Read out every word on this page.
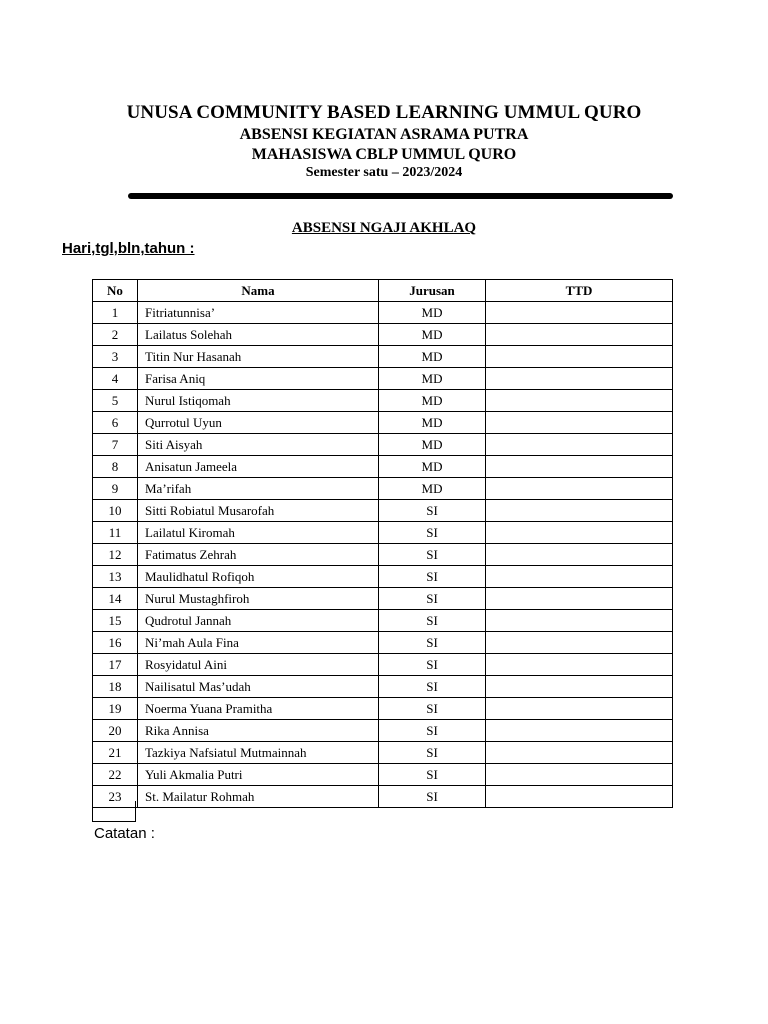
UNUSA COMMUNITY BASED LEARNING UMMUL QURO
ABSENSI KEGIATAN ASRAMA PUTRA
MAHASISWA CBLP UMMUL QURO
Semester satu – 2023/2024
ABSENSI NGAJI AKHLAQ
Hari,tgl,bln,tahun :
No	Nama	Jurusan	TTD
1	Fitriatunnisa’	MD	
2	Lailatus Solehah	MD	
3	Titin Nur Hasanah	MD	
4	Farisa Aniq	MD	
5	Nurul Istiqomah	MD	
6	Qurrotul Uyun	MD	
7	Siti Aisyah	MD	
8	Anisatun Jameela	MD	
9	Ma’rifah	MD	
10	Sitti Robiatul Musarofah	SI	
11	Lailatul Kiromah	SI	
12	Fatimatus Zehrah	SI	
13	Maulidhatul Rofiqoh	SI	
14	Nurul Mustaghfiroh	SI	
15	Qudrotul Jannah	SI	
16	Ni’mah Aula Fina	SI	
17	Rosyidatul Aini	SI	
18	Nailisatul Mas’udah	SI	
19	Noerma Yuana Pramitha	SI	
20	Rika Annisa	SI	
21	Tazkiya Nafsiatul Mutmainnah	SI	
22	Yuli Akmalia Putri	SI	
23	St. Mailatur Rohmah	SI	
Catatan :
